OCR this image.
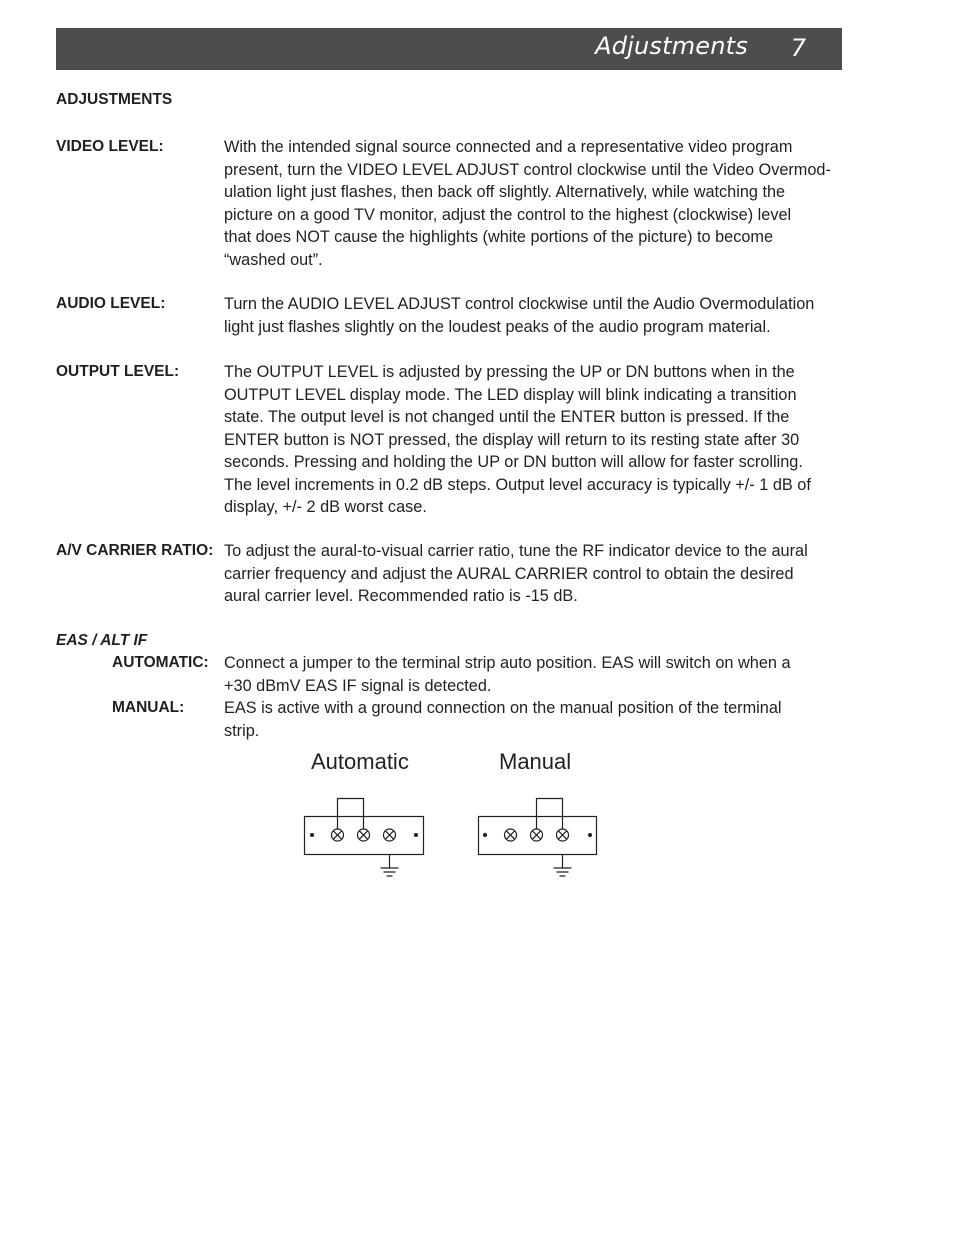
Adjustments 7
ADJUSTMENTS
VIDEO LEVEL:	With the intended signal source connected and a representative video program
present, turn the VIDEO LEVEL ADJUST control clockwise until the Video Overmod-
ulation light just flashes, then back off slightly. Alternatively, while watching the
picture on a good TV monitor, adjust the control to the highest (clockwise) level
that does NOT cause the highlights (white portions of the picture) to become
“washed out”.
AUDIO LEVEL:	Turn the AUDIO LEVEL ADJUST control clockwise until the Audio Overmodulation
light just flashes slightly on the loudest peaks of the audio program material.
OUTPUT LEVEL:	The OUTPUT LEVEL is adjusted by pressing the UP or DN buttons when in the
OUTPUT LEVEL display mode. The LED display will blink indicating a transition
state. The output level is not changed until the ENTER button is pressed. If the
ENTER button is NOT pressed, the display will return to its resting state after 30
seconds. Pressing and holding the UP or DN button will allow for faster scrolling.
The level increments in 0.2 dB steps. Output level accuracy is typically +/- 1 dB of
display, +/- 2 dB worst case.
A/V CARRIER RATIO: To adjust the aural-to-visual carrier ratio, tune the RF indicator device to the aural
carrier frequency and adjust the AURAL CARRIER control to obtain the desired
aural carrier level. Recommended ratio is -15 dB.
EAS / ALT IF
AUTOMATIC: Connect a jumper to the terminal strip auto position. EAS will switch on when a
+30 dBmV EAS IF signal is detected.
MANUAL: EAS is active with a ground connection on the manual position of the terminal
strip.
Automatic	Manual
